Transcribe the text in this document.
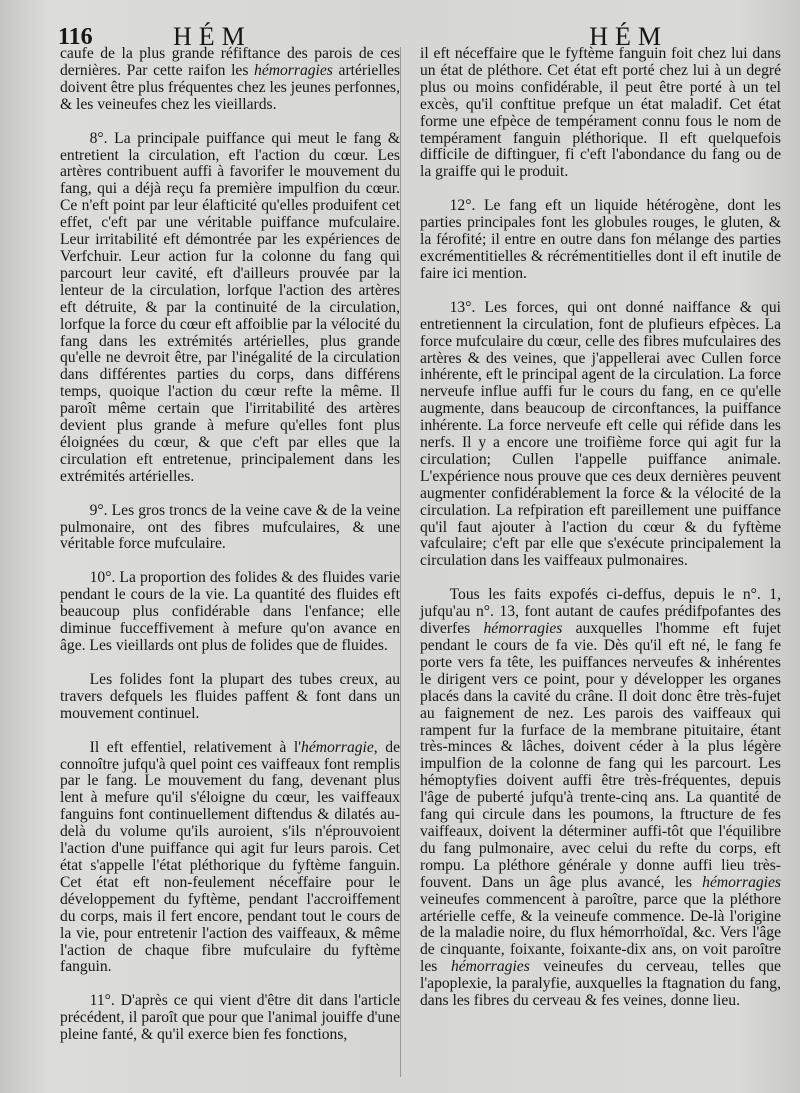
116	HÉM	HÉM

caufe de la plus grande réfiftance des parois de ces dernières. Par cette raifon les hémorragies artérielles doivent être plus fréquentes chez les jeunes perfonnes, & les veineufes chez les vieillards.

8°. La principale puiffance qui meut le fang & entretient la circulation, eft l'action du cœur. Les artères contribuent auffi à favorifer le mouvement du fang, qui a déjà reçu fa première impulfion du cœur. Ce n'eft point par leur élafticité qu'elles produifent cet effet, c'eft par une véritable puiffance mufculaire. Leur irritabilité eft démontrée par les expériences de Verfchuir. Leur action fur la colonne du fang qui parcourt leur cavité, eft d'ailleurs prouvée par la lenteur de la circulation, lorfque l'action des artères eft détruite, & par la continuité de la circulation, lorfque la force du cœur eft affoiblie par la vélocité du fang dans les extrémités artérielles, plus grande qu'elle ne devroit être, par l'inégalité de la circulation dans différentes parties du corps, dans différens temps, quoique l'action du cœur refte la même. Il paroît même certain que l'irritabilité des artères devient plus grande à mefure qu'elles font plus éloignées du cœur, & que c'eft par elles que la circulation eft entretenue, principalement dans les extrémités artérielles.

9°. Les gros troncs de la veine cave & de la veine pulmonaire, ont des fibres mufculaires, & une véritable force mufculaire.

10°. La proportion des folides & des fluides varie pendant le cours de la vie. La quantité des fluides eft beaucoup plus confidérable dans l'enfance; elle diminue fucceffivement à mefure qu'on avance en âge. Les vieillards ont plus de folides que de fluides.

Les folides font la plupart des tubes creux, au travers defquels les fluides paffent & font dans un mouvement continuel.

Il eft effentiel, relativement à l'hémorragie, de connoître jufqu'à quel point ces vaiffeaux font remplis par le fang. Le mouvement du fang, devenant plus lent à mefure qu'il s'éloigne du cœur, les vaiffeaux fanguins font continuellement diftendus & dilatés au-delà du volume qu'ils auroient, s'ils n'éprouvoient l'action d'une puiffance qui agit fur leurs parois. Cet état s'appelle l'état pléthorique du fyftème fanguin. Cet état eft non-feulement néceffaire pour le développement du fyftème, pendant l'accroiffement du corps, mais il fert encore, pendant tout le cours de la vie, pour entretenir l'action des vaiffeaux, & même l'action de chaque fibre mufculaire du fyftème fanguin.

11°. D'après ce qui vient d'être dit dans l'article précédent, il paroît que pour que l'animal jouiffe d'une pleine fanté, & qu'il exerce bien fes fonctions,

il eft néceffaire que le fyftème fanguin foit chez lui dans un état de pléthore. Cet état eft porté chez lui à un degré plus ou moins confidérable, il peut être porté à un tel excès, qu'il conftitue prefque un état maladif. Cet état forme une efpèce de tempérament connu fous le nom de tempérament fanguin pléthorique. Il eft quelquefois difficile de diftinguer, fi c'eft l'abondance du fang ou de la graiffe qui le produit.

12°. Le fang eft un liquide hétérogène, dont les parties principales font les globules rouges, le gluten, & la férofité; il entre en outre dans fon mélange des parties excrémentitielles & récrémentitielles dont il eft inutile de faire ici mention.

13°. Les forces, qui ont donné naiffance & qui entretiennent la circulation, font de plufieurs efpèces. La force mufculaire du cœur, celle des fibres mufculaires des artères & des veines, que j'appellerai avec Cullen force inhérente, eft le principal agent de la circulation. La force nerveufe influe auffi fur le cours du fang, en ce qu'elle augmente, dans beaucoup de circonftances, la puiffance inhérente. La force nerveufe eft celle qui réfide dans les nerfs. Il y a encore une troifième force qui agit fur la circulation; Cullen l'appelle puiffance animale. L'expérience nous prouve que ces deux dernières peuvent augmenter confidérablement la force & la vélocité de la circulation. La refpiration eft pareillement une puiffance qu'il faut ajouter à l'action du cœur & du fyftème vafculaire; c'eft par elle que s'exécute principalement la circulation dans les vaiffeaux pulmonaires.

Tous les faits expofés ci-deffus, depuis le n°. 1, jufqu'au n°. 13, font autant de caufes prédifpofantes des diverfes hémorragies auxquelles l'homme eft fujet pendant le cours de fa vie. Dès qu'il eft né, le fang fe porte vers fa tête, les puiffances nerveufes & inhérentes le dirigent vers ce point, pour y développer les organes placés dans la cavité du crâne. Il doit donc être très-fujet au faignement de nez. Les parois des vaiffeaux qui rampent fur la furface de la membrane pituitaire, étant très-minces & lâches, doivent céder à la plus légère impulfion de la colonne de fang qui les parcourt. Les hémoptyfies doivent auffi être très-fréquentes, depuis l'âge de puberté jufqu'à trente-cinq ans. La quantité de fang qui circule dans les poumons, la ftructure de fes vaiffeaux, doivent la déterminer auffi-tôt que l'équilibre du fang pulmonaire, avec celui du refte du corps, eft rompu. La pléthore générale y donne auffi lieu très-fouvent. Dans un âge plus avancé, les hémorragies veineufes commencent à paroître, parce que la pléthore artérielle ceffe, & la veineufe commence. De-là l'origine de la maladie noire, du flux hémorrhoïdal, &c. Vers l'âge de cinquante, foixante, foixante-dix ans, on voit paroître les hémorragies veineufes du cerveau, telles que l'apoplexie, la paralyfie, auxquelles la ftagnation du fang, dans les fibres du cerveau & fes veines, donne lieu.
